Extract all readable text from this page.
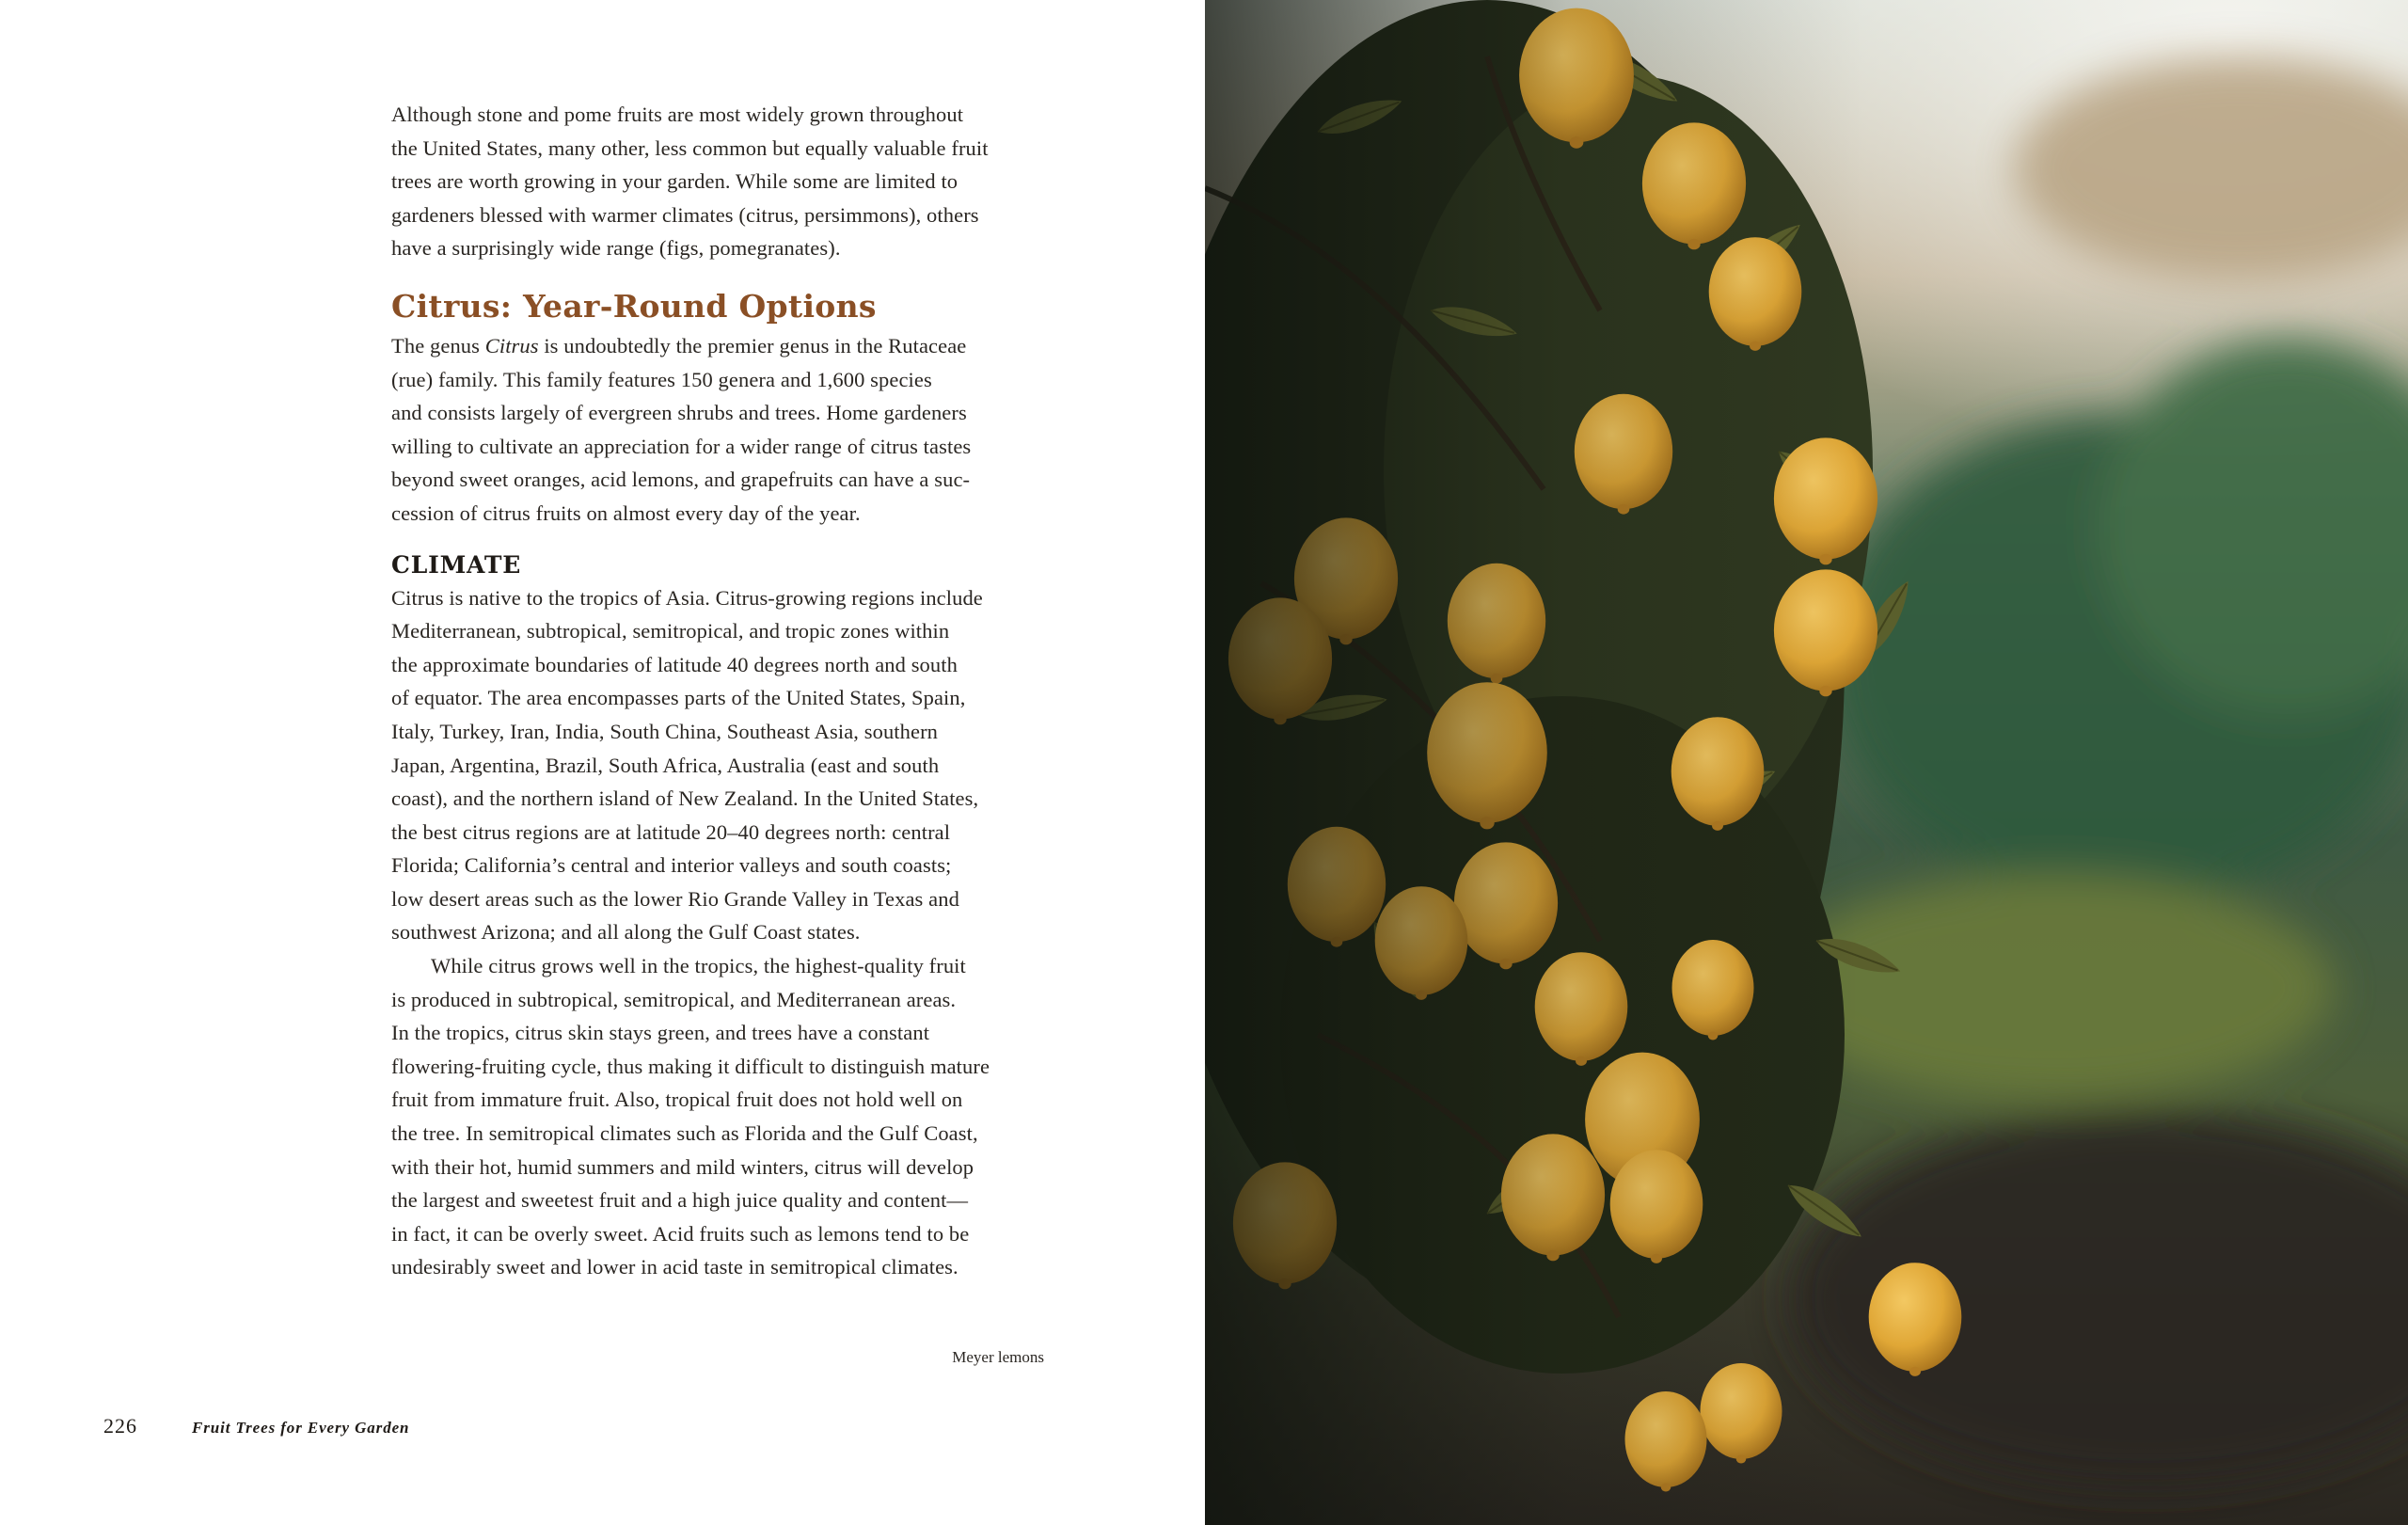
Although stone and pome fruits are most widely grown throughout
the United States, many other, less common but equally valuable fruit
trees are worth growing in your garden. While some are limited to
gardeners blessed with warmer climates (citrus, persimmons), others
have a surprisingly wide range (figs, pomegranates).

Citrus: Year-Round Options

The genus Citrus is undoubtedly the premier genus in the Rutaceae
(rue) family. This family features 150 genera and 1,600 species
and consists largely of evergreen shrubs and trees. Home gardeners
willing to cultivate an appreciation for a wider range of citrus tastes
beyond sweet oranges, acid lemons, and grapefruits can have a suc-
cession of citrus fruits on almost every day of the year.

CLIMATE

Citrus is native to the tropics of Asia. Citrus-growing regions include
Mediterranean, subtropical, semitropical, and tropic zones within
the approximate boundaries of latitude 40 degrees north and south
of equator. The area encompasses parts of the United States, Spain,
Italy, Turkey, Iran, India, South China, Southeast Asia, southern
Japan, Argentina, Brazil, South Africa, Australia (east and south
coast), and the northern island of New Zealand. In the United States,
the best citrus regions are at latitude 20–40 degrees north: central
Florida; California’s central and interior valleys and south coasts;
low desert areas such as the lower Rio Grande Valley in Texas and
southwest Arizona; and all along the Gulf Coast states.

While citrus grows well in the tropics, the highest-quality fruit
is produced in subtropical, semitropical, and Mediterranean areas.
In the tropics, citrus skin stays green, and trees have a constant
flowering-fruiting cycle, thus making it difficult to distinguish mature
fruit from immature fruit. Also, tropical fruit does not hold well on
the tree. In semitropical climates such as Florida and the Gulf Coast,
with their hot, humid summers and mild winters, citrus will develop
the largest and sweetest fruit and a high juice quality and content—
in fact, it can be overly sweet. Acid fruits such as lemons tend to be
undesirably sweet and lower in acid taste in semitropical climates.

Meyer lemons
226	Fruit Trees for Every Garden
